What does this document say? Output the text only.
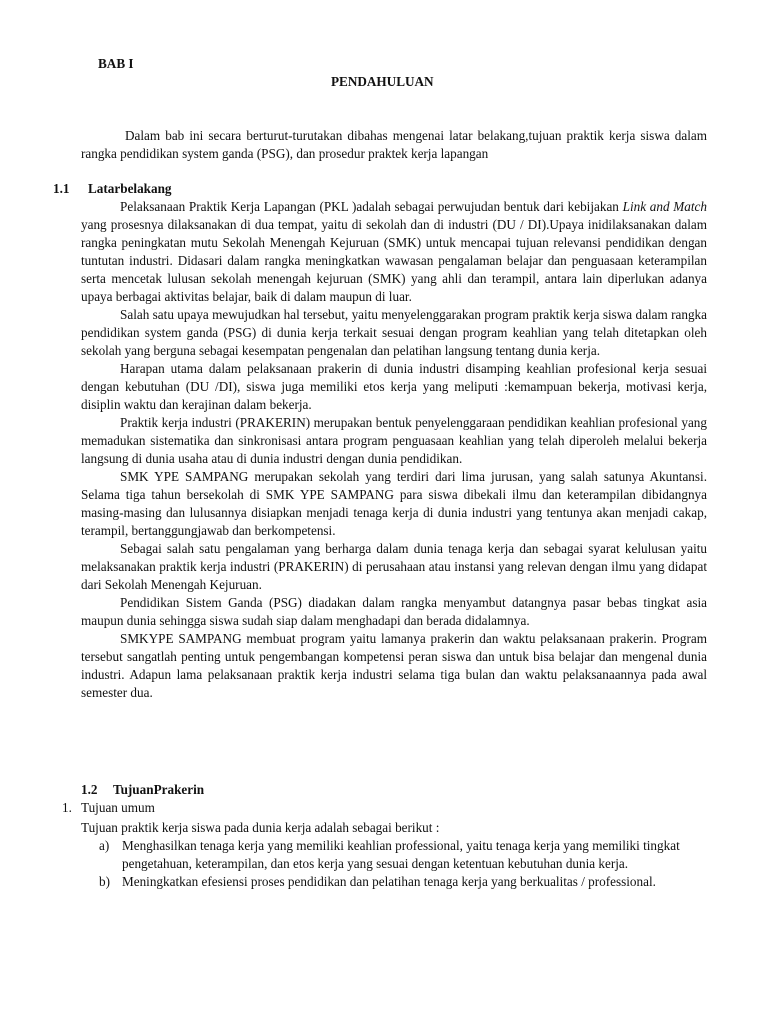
BAB I
PENDAHULUAN

Dalam bab ini secara berturut-turutakan dibahas mengenai latar belakang,tujuan praktik kerja siswa dalam rangka pendidikan system ganda (PSG), dan prosedur praktek kerja lapangan

1.1 Latarbelakang

Pelaksanaan Praktik Kerja Lapangan (PKL )adalah sebagai perwujudan bentuk dari kebijakan Link and Match yang prosesnya dilaksanakan di dua tempat, yaitu di sekolah dan di industri (DU / DI).Upaya inidilaksanakan dalam rangka peningkatan mutu Sekolah Menengah Kejuruan (SMK) untuk mencapai tujuan relevansi pendidikan dengan tuntutan industri. Didasari dalam rangka meningkatkan wawasan pengalaman belajar dan penguasaan keterampilan serta mencetak lulusan sekolah menengah kejuruan (SMK) yang ahli dan terampil, antara lain diperlukan adanya upaya berbagai aktivitas belajar, baik di dalam maupun di luar.

Salah satu upaya mewujudkan hal tersebut, yaitu menyelenggarakan program praktik kerja siswa dalam rangka pendidikan system ganda (PSG) di dunia kerja terkait sesuai dengan program keahlian yang telah ditetapkan oleh sekolah yang berguna sebagai kesempatan pengenalan dan pelatihan langsung tentang dunia kerja.

Harapan utama dalam pelaksanaan prakerin di dunia industri disamping keahlian profesional kerja sesuai dengan kebutuhan (DU /DI), siswa juga memiliki etos kerja yang meliputi :kemampuan bekerja, motivasi kerja, disiplin waktu dan kerajinan dalam bekerja.

Praktik kerja industri (PRAKERIN) merupakan bentuk penyelenggaraan pendidikan keahlian profesional yang memadukan sistematika dan sinkronisasi antara program penguasaan keahlian yang telah diperoleh melalui bekerja langsung di dunia usaha atau di dunia industri dengan dunia pendidikan.

SMK YPE SAMPANG merupakan sekolah yang terdiri dari lima jurusan, yang salah satunya Akuntansi. Selama tiga tahun bersekolah di SMK YPE SAMPANG para siswa dibekali ilmu dan keterampilan dibidangnya masing-masing dan lulusannya disiapkan menjadi tenaga kerja di dunia industri yang tentunya akan menjadi cakap, terampil, bertanggungjawab dan berkompetensi.

Sebagai salah satu pengalaman yang berharga dalam dunia tenaga kerja dan sebagai syarat kelulusan yaitu melaksanakan praktik kerja industri (PRAKERIN) di perusahaan atau instansi yang relevan dengan ilmu yang didapat dari Sekolah Menengah Kejuruan.

Pendidikan Sistem Ganda (PSG) diadakan dalam rangka menyambut datangnya pasar bebas tingkat asia maupun dunia sehingga siswa sudah siap dalam menghadapi dan berada didalamnya.

SMKYPE SAMPANG membuat program yaitu lamanya prakerin dan waktu pelaksanaan prakerin. Program tersebut sangatlah penting untuk pengembangan kompetensi peran siswa dan untuk bisa belajar dan mengenal dunia industri. Adapun lama pelaksanaan praktik kerja industri selama tiga bulan dan waktu pelaksanaannya pada awal semester dua.

1.2 TujuanPrakerin
1. Tujuan umum

Tujuan praktik kerja siswa pada dunia kerja adalah sebagai berikut :

a) Menghasilkan tenaga kerja yang memiliki keahlian professional, yaitu tenaga kerja yang memiliki tingkat pengetahuan, keterampilan, dan etos kerja yang sesuai dengan ketentuan kebutuhan dunia kerja.

b) Meningkatkan efesiensi proses pendidikan dan pelatihan tenaga kerja yang berkualitas / professional.
